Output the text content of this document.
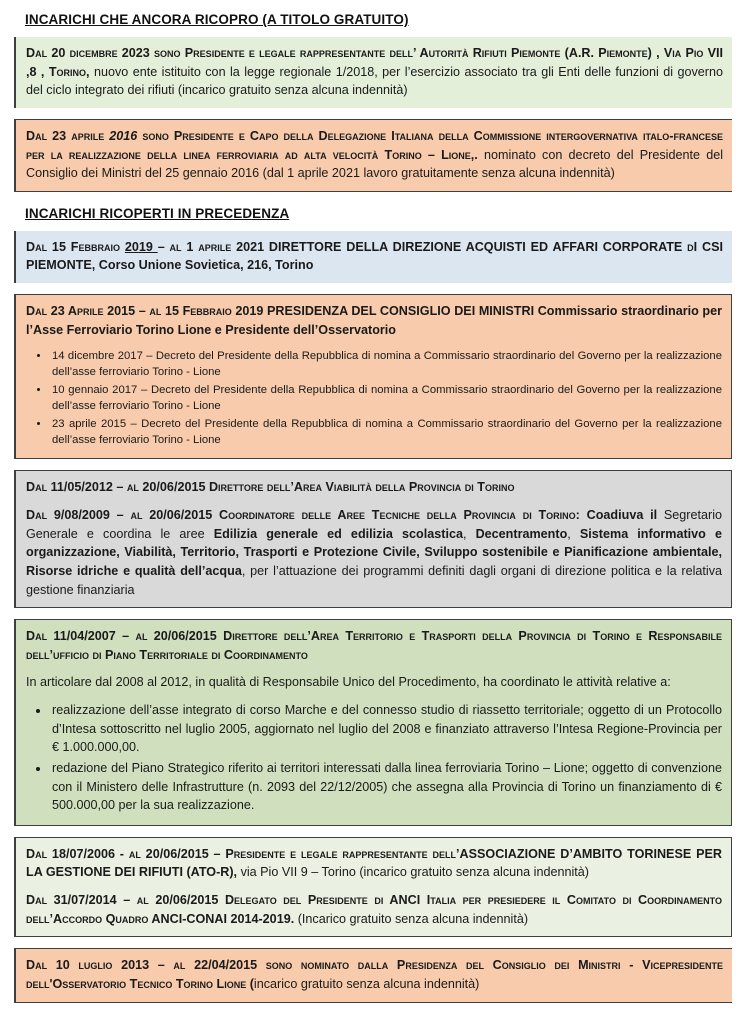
INCARICHI CHE ANCORA RICOPRO (A TITOLO GRATUITO)

Dal 20 dicembre 2023 sono Presidente e legale rappresentante dell’ Autorità Rifiuti Piemonte (A.R. Piemonte) , Via Pio VII ,8 , Torino, nuovo ente istituito con la legge regionale 1/2018, per l’esercizio associato tra gli Enti delle funzioni di governo del ciclo integrato dei rifiuti (incarico gratuito senza alcuna indennità)

Dal 23 aprile 2016 sono Presidente e Capo della Delegazione Italiana della Commissione intergovernativa italo-francese per la realizzazione della linea ferroviaria ad alta velocità Torino – Lione,. nominato con decreto del Presidente del Consiglio dei Ministri del 25 gennaio 2016 (dal 1 aprile 2021 lavoro gratuitamente senza alcuna indennità)

INCARICHI RICOPERTI IN PRECEDENZA

Dal 15 Febbraio 2019 – al 1 aprile 2021 DIRETTORE DELLA DIREZIONE ACQUISTI ED AFFARI CORPORATE dI CSI PIEMONTE, Corso Unione Sovietica, 216, Torino

Dal 23 Aprile 2015 – al 15 Febbraio 2019 PRESIDENZA DEL CONSIGLIO DEI MINISTRI Commissario straordinario per l’Asse Ferroviario Torino Lione e Presidente dell’Osservatorio

• 14 dicembre 2017 – Decreto del Presidente della Repubblica di nomina a Commissario straordinario del Governo per la realizzazione dell’asse ferroviario Torino - Lione
• 10 gennaio 2017 – Decreto del Presidente della Repubblica di nomina a Commissario straordinario del Governo per la realizzazione dell’asse ferroviario Torino - Lione
• 23 aprile 2015 – Decreto del Presidente della Repubblica di nomina a Commissario straordinario del Governo per la realizzazione dell’asse ferroviario Torino - Lione

Dal 11/05/2012 – al 20/06/2015 Direttore dell’Area Viabilità della Provincia di Torino

Dal 9/08/2009 – al 20/06/2015 Coordinatore delle Aree Tecniche della Provincia di Torino: Coadiuva il Segretario Generale e coordina le aree Edilizia generale ed edilizia scolastica, Decentramento, Sistema informativo e organizzazione, Viabilità, Territorio, Trasporti e Protezione Civile, Sviluppo sostenibile e Pianificazione ambientale, Risorse idriche e qualità dell’acqua, per l’attuazione dei programmi definiti dagli organi di direzione politica e la relativa gestione finanziaria

Dal 11/04/2007 – al 20/06/2015 Direttore dell’Area Territorio e Trasporti della Provincia di Torino e Responsabile dell’ufficio di Piano Territoriale di Coordinamento

In articolare dal 2008 al 2012, in qualità di Responsabile Unico del Procedimento, ha coordinato le attività relative a:

• realizzazione dell’asse integrato di corso Marche e del connesso studio di riassetto territoriale; oggetto di un Protocollo d’Intesa sottoscritto nel luglio 2005, aggiornato nel luglio del 2008 e finanziato attraverso l’Intesa Regione-Provincia per € 1.000.000,00.
• redazione del Piano Strategico riferito ai territori interessati dalla linea ferroviaria Torino – Lione; oggetto di convenzione con il Ministero delle Infrastrutture (n. 2093 del 22/12/2005) che assegna alla Provincia di Torino un finanziamento di € 500.000,00 per la sua realizzazione.

Dal 18/07/2006 - al 20/06/2015 – Presidente e legale rappresentante dell’ASSOCIAZIONE D’AMBITO TORINESE PER LA GESTIONE DEI RIFIUTI (ATO-R), via Pio VII 9 – Torino (incarico gratuito senza alcuna indennità)

Dal 31/07/2014 – al 20/06/2015 Delegato del Presidente di ANCI Italia per presiedere il Comitato di Coordinamento dell’Accordo Quadro ANCI-CONAI 2014-2019. (Incarico gratuito senza alcuna indennità)

Dal 10 luglio 2013 – al 22/04/2015 sono nominato dalla Presidenza del Consiglio dei Ministri - Vicepresidente dell'Osservatorio Tecnico Torino Lione (incarico gratuito senza alcuna indennità)
